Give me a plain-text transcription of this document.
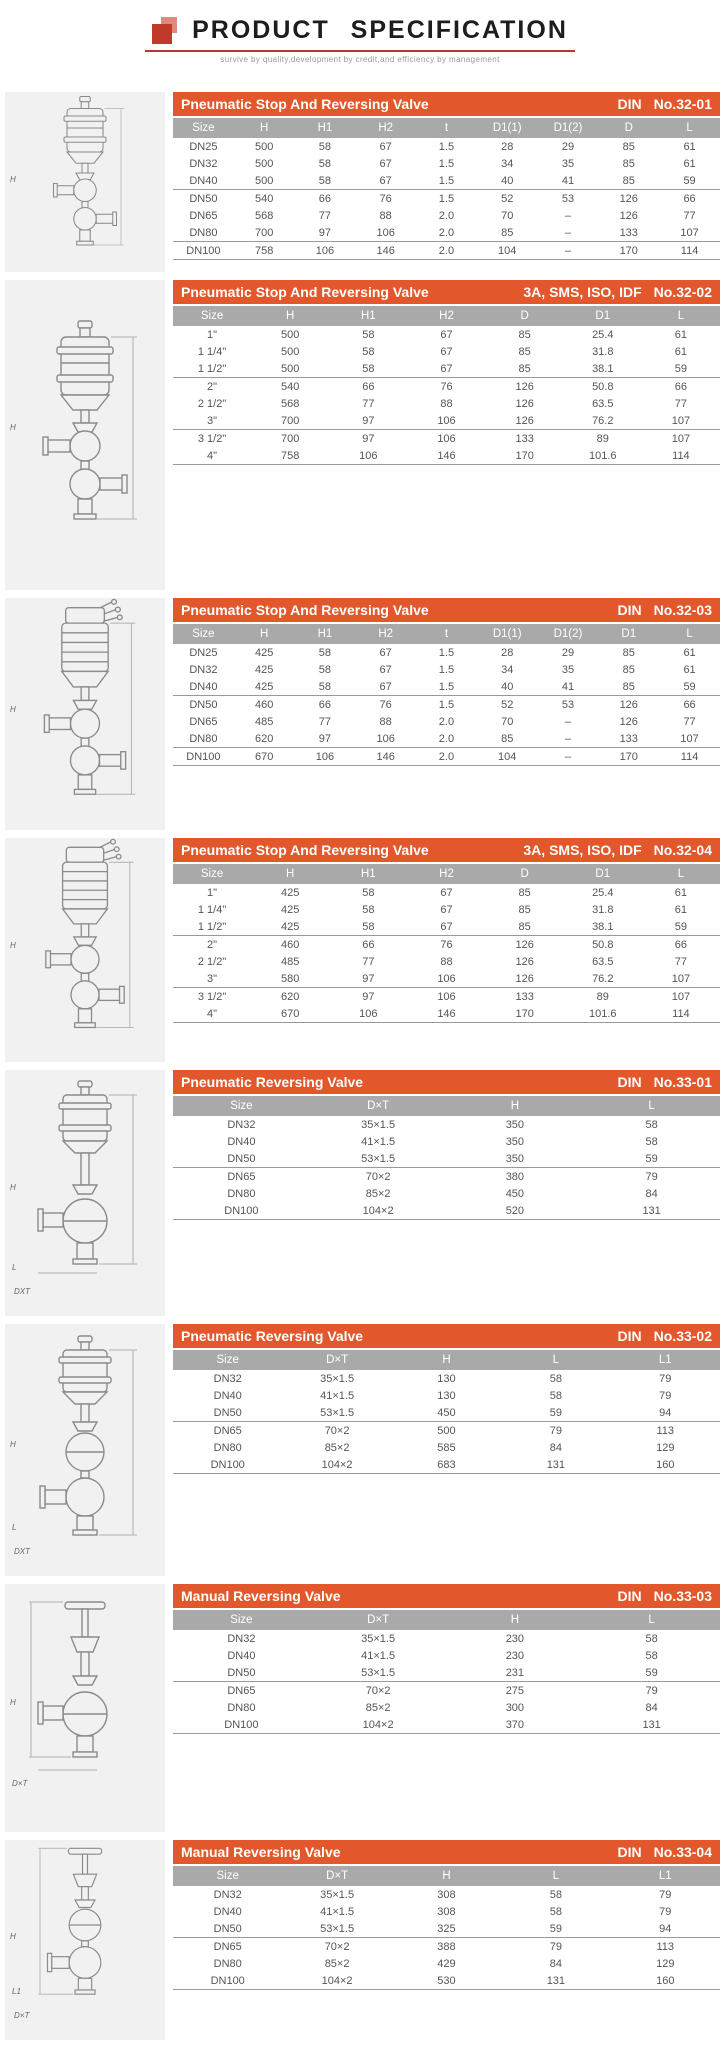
PRODUCT SPECIFICATION
survive by quality,development by credit,and efficiency by management
H
Pneumatic Stop And Reversing Valve	DIN No.32-01
Size	H	H1	H2	t	D1(1)	D1(2)	D	L
DN25	500	58	67	1.5	28	29	85	61
DN32	500	58	67	1.5	34	35	85	61
DN40	500	58	67	1.5	40	41	85	59
DN50	540	66	76	1.5	52	53	126	66
DN65	568	77	88	2.0	70	–	126	77
DN80	700	97	106	2.0	85	–	133	107
DN100	758	106	146	2.0	104	–	170	114
H
Pneumatic Stop And Reversing Valve	3A, SMS, ISO, IDF No.32-02
Size	H	H1	H2	D	D1	L
1"	500	58	67	85	25.4	61
1 1/4"	500	58	67	85	31.8	61
1 1/2"	500	58	67	85	38.1	59
2"	540	66	76	126	50.8	66
2 1/2"	568	77	88	126	63.5	77
3"	700	97	106	126	76.2	107
3 1/2"	700	97	106	133	89	107
4"	758	106	146	170	101.6	114
H
Pneumatic Stop And Reversing Valve	DIN No.32-03
Size	H	H1	H2	t	D1(1)	D1(2)	D1	L
DN25	425	58	67	1.5	28	29	85	61
DN32	425	58	67	1.5	34	35	85	61
DN40	425	58	67	1.5	40	41	85	59
DN50	460	66	76	1.5	52	53	126	66
DN65	485	77	88	2.0	70	–	126	77
DN80	620	97	106	2.0	85	–	133	107
DN100	670	106	146	2.0	104	–	170	114
H
Pneumatic Stop And Reversing Valve	3A, SMS, ISO, IDF No.32-04
Size	H	H1	H2	D	D1	L
1"	425	58	67	85	25.4	61
1 1/4"	425	58	67	85	31.8	61
1 1/2"	425	58	67	85	38.1	59
2"	460	66	76	126	50.8	66
2 1/2"	485	77	88	126	63.5	77
3"	580	97	106	126	76.2	107
3 1/2"	620	97	106	133	89	107
4"	670	106	146	170	101.6	114
H
L
DXT
Pneumatic Reversing Valve	DIN No.33-01
Size	D×T	H	L
DN32	35×1.5	350	58
DN40	41×1.5	350	58
DN50	53×1.5	350	59
DN65	70×2	380	79
DN80	85×2	450	84
DN100	104×2	520	131
H
L
DXT
Pneumatic Reversing Valve	DIN No.33-02
Size	D×T	H	L	L1
DN32	35×1.5	130	58	79
DN40	41×1.5	130	58	79
DN50	53×1.5	450	59	94
DN65	70×2	500	79	113
DN80	85×2	585	84	129
DN100	104×2	683	131	160
H
D×T
Manual Reversing Valve	DIN No.33-03
Size	D×T	H	L
DN32	35×1.5	230	58
DN40	41×1.5	230	58
DN50	53×1.5	231	59
DN65	70×2	275	79
DN80	85×2	300	84
DN100	104×2	370	131
H
L1
D×T
Manual Reversing Valve	DIN No.33-04
Size	D×T	H	L	L1
DN32	35×1.5	308	58	79
DN40	41×1.5	308	58	79
DN50	53×1.5	325	59	94
DN65	70×2	388	79	113
DN80	85×2	429	84	129
DN100	104×2	530	131	160
